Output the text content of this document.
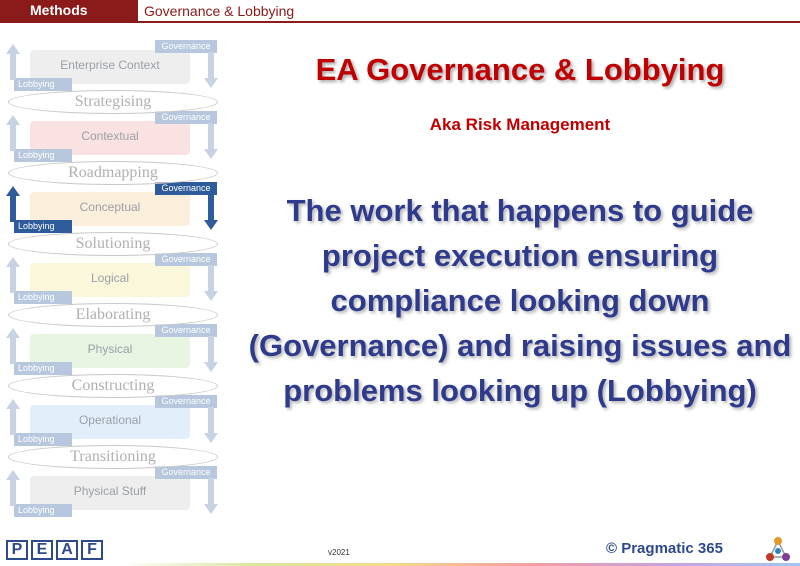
Methods	Governance & Lobbying
Enterprise Context
Governance
Lobbying
Contextual
Governance
Lobbying
Conceptual
Governance
Lobbying
Logical
Governance
Lobbying
Physical
Governance
Lobbying
Operational
Governance
Lobbying
Physical Stuff
Governance
Lobbying
Strategising
Roadmapping
Solutioning
Elaborating
Constructing
Transitioning
EA Governance & Lobbying
Aka Risk Management
The work that happens to guide project execution ensuring compliance looking down (Governance) and raising issues and problems looking up (Lobbying)
P E A F	v2021	© Pragmatic 365
